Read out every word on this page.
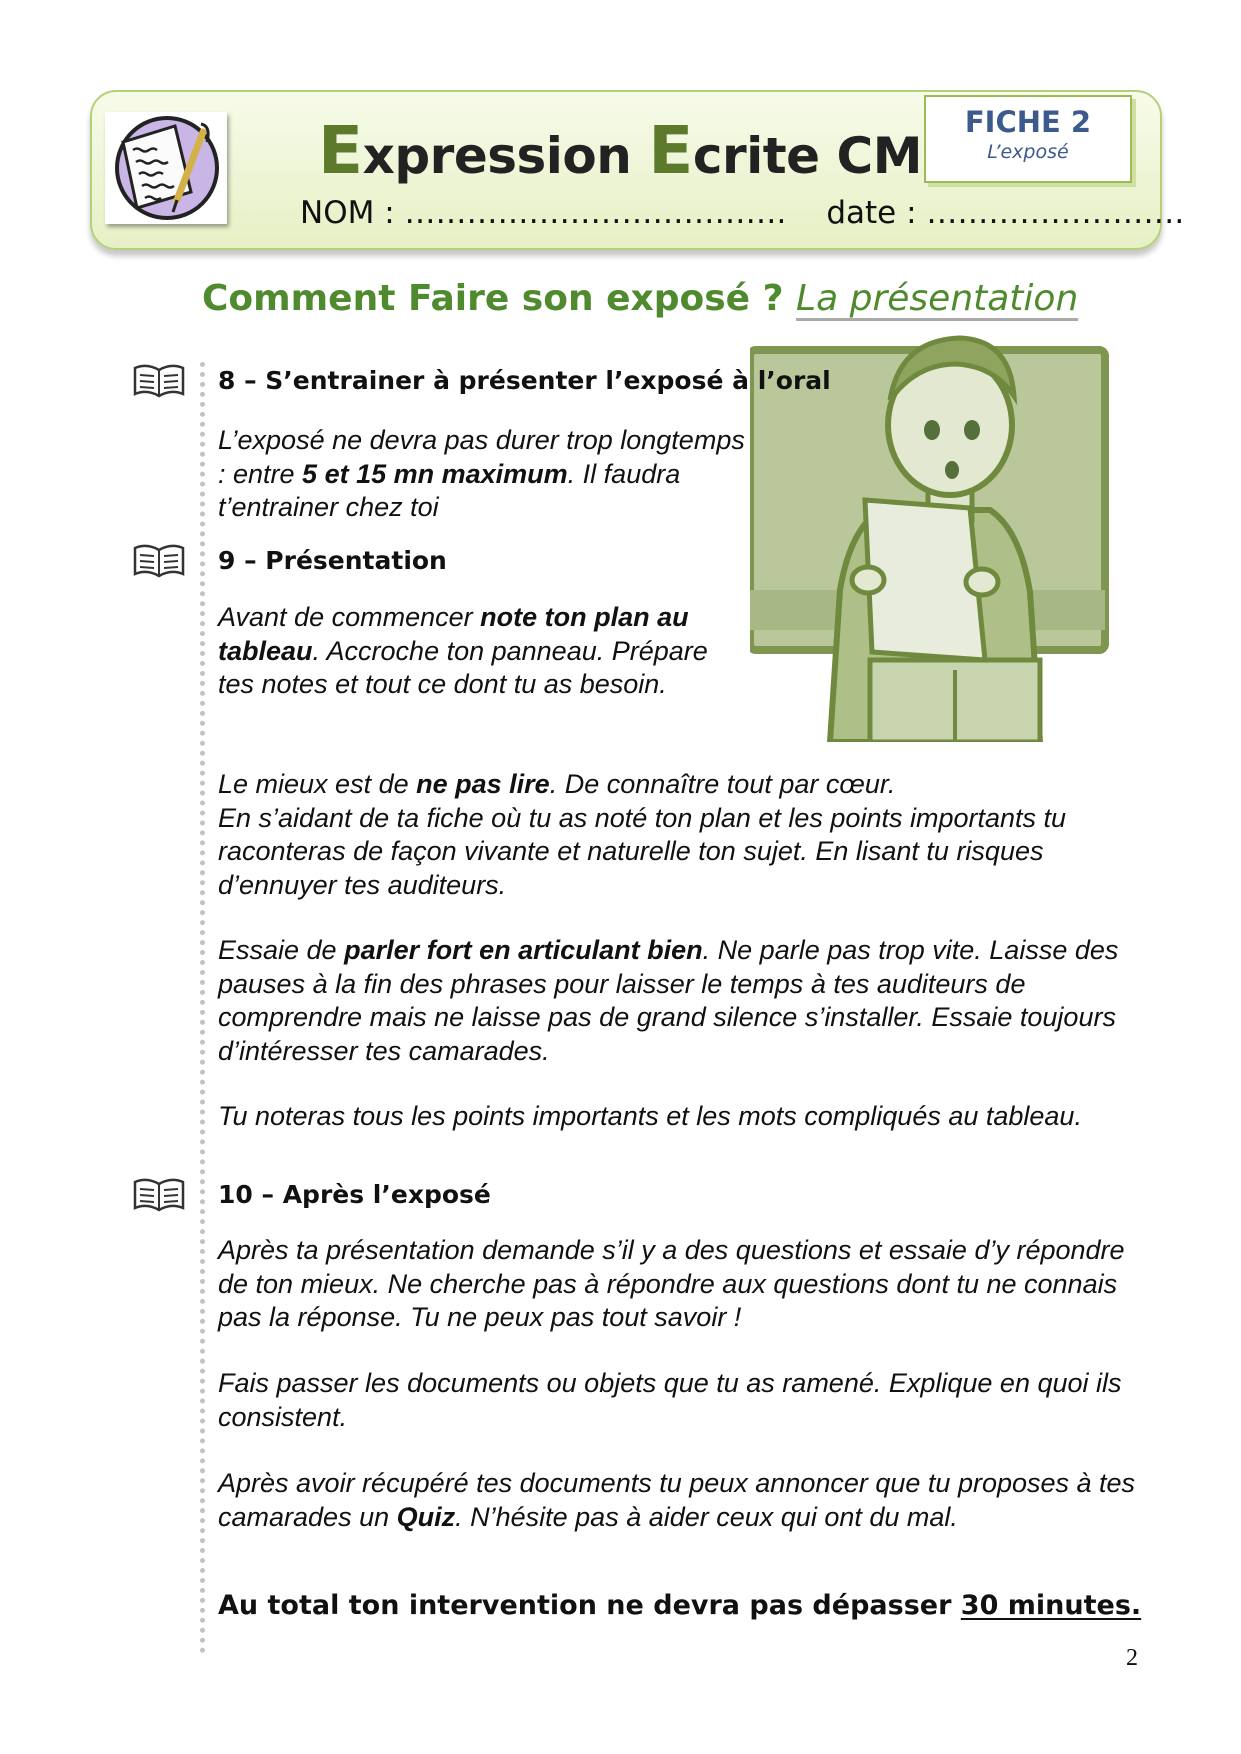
Expression Ecrite CM
NOM : ………………………………. date : …………………….
FICHE 2
L’exposé
Comment Faire son exposé ? La présentation
8 – S’entrainer à présenter l’exposé à l’oral

L’exposé ne devra pas durer trop longtemps : entre 5 et 15 mn maximum. Il faudra t’entrainer chez toi

9 – Présentation

Avant de commencer note ton plan au tableau. Accroche ton panneau. Prépare tes notes et tout ce dont tu as besoin.

Le mieux est de ne pas lire. De connaître tout par cœur.
En s’aidant de ta fiche où tu as noté ton plan et les points importants tu raconteras de façon vivante et naturelle ton sujet. En lisant tu risques d’ennuyer tes auditeurs.

Essaie de parler fort en articulant bien. Ne parle pas trop vite. Laisse des pauses à la fin des phrases pour laisser le temps à tes auditeurs de comprendre mais ne laisse pas de grand silence s’installer. Essaie toujours d’intéresser tes camarades.

Tu noteras tous les points importants et les mots compliqués au tableau.

10 – Après l’exposé

Après ta présentation demande s’il y a des questions et essaie d’y répondre de ton mieux. Ne cherche pas à répondre aux questions dont tu ne connais pas la réponse. Tu ne peux pas tout savoir !

Fais passer les documents ou objets que tu as ramené. Explique en quoi ils consistent.

Après avoir récupéré tes documents tu peux annoncer que tu proposes à tes camarades un Quiz. N’hésite pas à aider ceux qui ont du mal.

Au total ton intervention ne devra pas dépasser 30 minutes.
2
